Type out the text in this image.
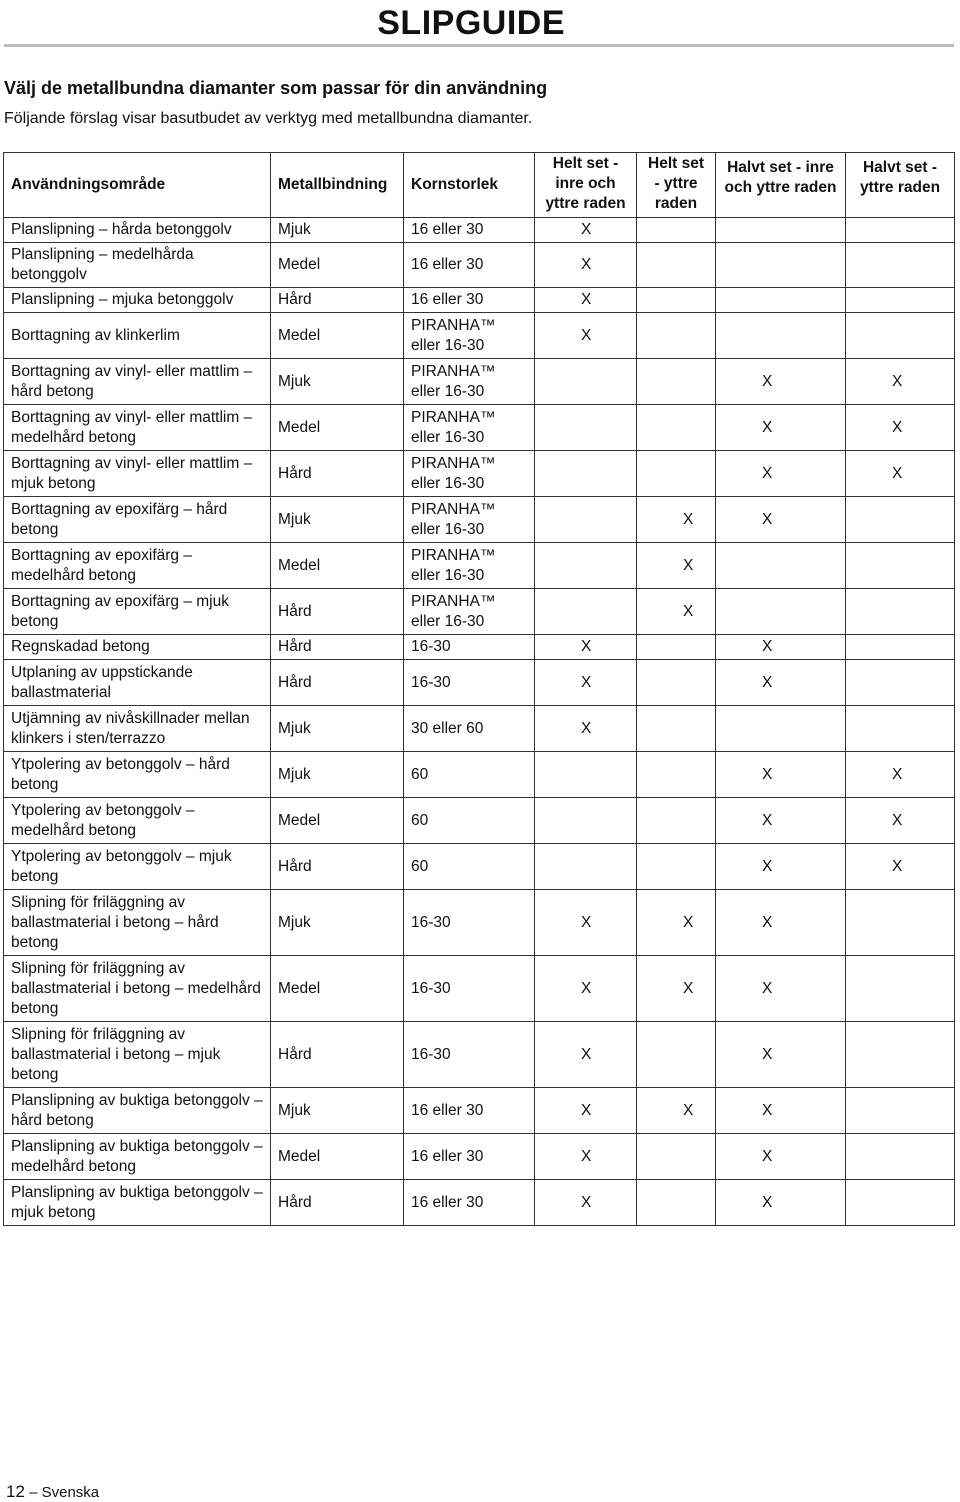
SLIPGUIDE
Välj de metallbundna diamanter som passar för din användning
Följande förslag visar basutbudet av verktyg med metallbundna diamanter.
Användningsområde	Metallbindning	Kornstorlek	Helt set - inre och yttre raden	Helt set - yttre raden	Halvt set - inre och yttre raden	Halvt set - yttre raden
Planslipning – hårda betonggolv	Mjuk	16 eller 30	X			
Planslipning – medelhårda betonggolv	Medel	16 eller 30	X			
Planslipning – mjuka betonggolv	Hård	16 eller 30	X			
Borttagning av klinkerlim	Medel	PIRANHA™ eller 16-30	X			
Borttagning av vinyl- eller mattlim – hård betong	Mjuk	PIRANHA™ eller 16-30			X	X
Borttagning av vinyl- eller mattlim – medelhård betong	Medel	PIRANHA™ eller 16-30			X	X
Borttagning av vinyl- eller mattlim – mjuk betong	Hård	PIRANHA™ eller 16-30			X	X
Borttagning av epoxifärg – hård betong	Mjuk	PIRANHA™ eller 16-30		X	X	
Borttagning av epoxifärg – medelhård betong	Medel	PIRANHA™ eller 16-30		X		
Borttagning av epoxifärg – mjuk betong	Hård	PIRANHA™ eller 16-30		X		
Regnskadad betong	Hård	16-30	X		X	
Utplaning av uppstickande ballastmaterial	Hård	16-30	X		X	
Utjämning av nivåskillnader mellan klinkers i sten/terrazzo	Mjuk	30 eller 60	X			
Ytpolering av betonggolv – hård betong	Mjuk	60			X	X
Ytpolering av betonggolv – medelhård betong	Medel	60			X	X
Ytpolering av betonggolv – mjuk betong	Hård	60			X	X
Slipning för friläggning av ballastmaterial i betong – hård betong	Mjuk	16-30	X	X	X	
Slipning för friläggning av ballastmaterial i betong – medelhård betong	Medel	16-30	X	X	X	
Slipning för friläggning av ballastmaterial i betong – mjuk betong	Hård	16-30	X		X	
Planslipning av buktiga betonggolv – hård betong	Mjuk	16 eller 30	X	X	X	
Planslipning av buktiga betonggolv – medelhård betong	Medel	16 eller 30	X		X	
Planslipning av buktiga betonggolv – mjuk betong	Hård	16 eller 30	X		X	
12 – Svenska
